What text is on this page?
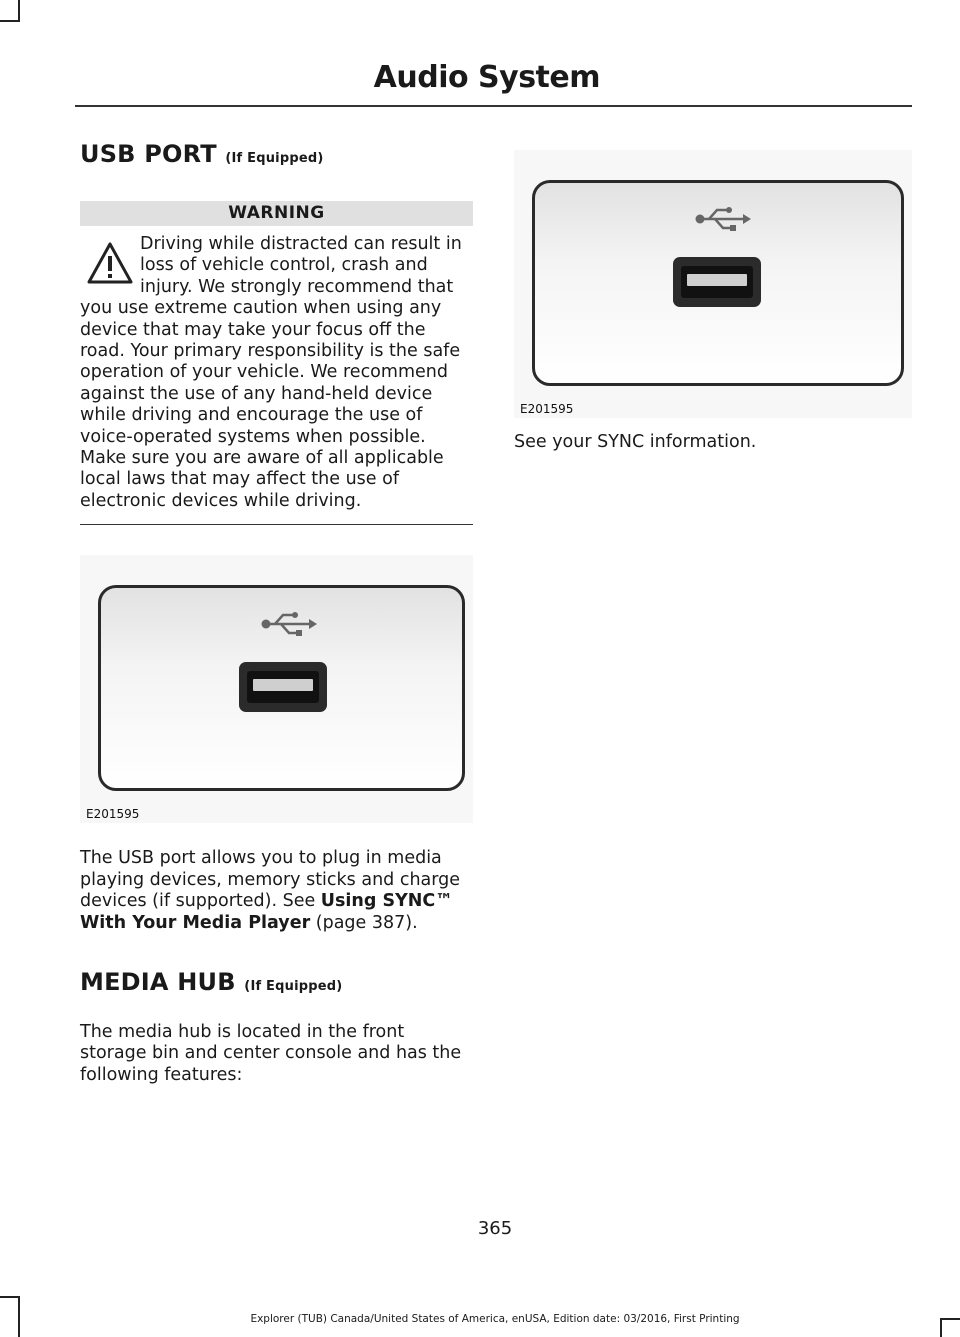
Audio System
USB PORT (If Equipped)
WARNING
Driving while distracted can result in loss of vehicle control, crash and injury. We strongly recommend that you use extreme caution when using any device that may take your focus off the road. Your primary responsibility is the safe operation of your vehicle. We recommend against the use of any hand-held device while driving and encourage the use of voice-operated systems when possible. Make sure you are aware of all applicable local laws that may affect the use of electronic devices while driving.
E201595

The USB port allows you to plug in media playing devices, memory sticks and charge devices (if supported). See Using SYNC™ With Your Media Player (page 387).

MEDIA HUB (If Equipped)

The media hub is located in the front storage bin and center console and has the following features:

E201595

See your SYNC information.

365
Explorer (TUB) Canada/United States of America, enUSA, Edition date: 03/2016, First Printing
